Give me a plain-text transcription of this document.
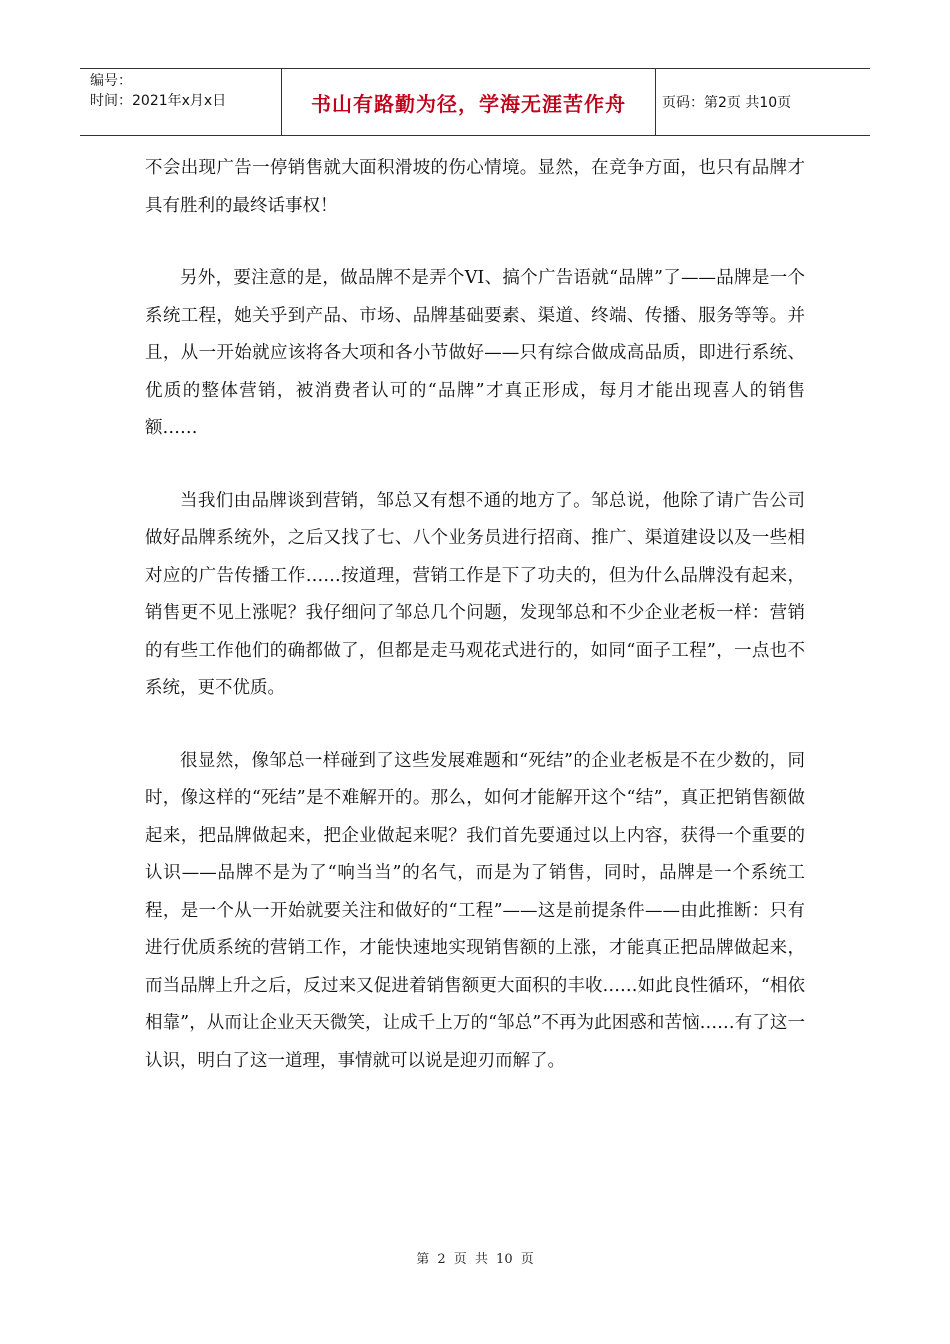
编号：
时间：2021年x月x日	书山有路勤为径，学海无涯苦作舟	页码：第2页 共10页

不会出现广告一停销售就大面积滑坡的伤心情境。显然，在竞争方面，也只有品牌才具有胜利的最终话事权！

另外，要注意的是，做品牌不是弄个VI、搞个广告语就“品牌”了——品牌是一个系统工程，她关乎到产品、市场、品牌基础要素、渠道、终端、传播、服务等等。并且，从一开始就应该将各大项和各小节做好——只有综合做成高品质，即进行系统、优质的整体营销，被消费者认可的“品牌”才真正形成，每月才能出现喜人的销售额……

当我们由品牌谈到营销，邹总又有想不通的地方了。邹总说，他除了请广告公司做好品牌系统外，之后又找了七、八个业务员进行招商、推广、渠道建设以及一些相对应的广告传播工作……按道理，营销工作是下了功夫的，但为什么品牌没有起来，销售更不见上涨呢？我仔细问了邹总几个问题，发现邹总和不少企业老板一样：营销的有些工作他们的确都做了，但都是走马观花式进行的，如同“面子工程”，一点也不系统，更不优质。

很显然，像邹总一样碰到了这些发展难题和“死结”的企业老板是不在少数的，同时，像这样的“死结”是不难解开的。那么，如何才能解开这个“结”，真正把销售额做起来，把品牌做起来，把企业做起来呢？我们首先要通过以上内容，获得一个重要的认识——品牌不是为了“响当当”的名气，而是为了销售，同时，品牌是一个系统工程，是一个从一开始就要关注和做好的“工程”——这是前提条件——由此推断：只有进行优质系统的营销工作，才能快速地实现销售额的上涨，才能真正把品牌做起来，而当品牌上升之后，反过来又促进着销售额更大面积的丰收……如此良性循环，“相依相靠”，从而让企业天天微笑，让成千上万的“邹总”不再为此困惑和苦恼……有了这一认识，明白了这一道理，事情就可以说是迎刃而解了。

第 2 页 共 10 页
